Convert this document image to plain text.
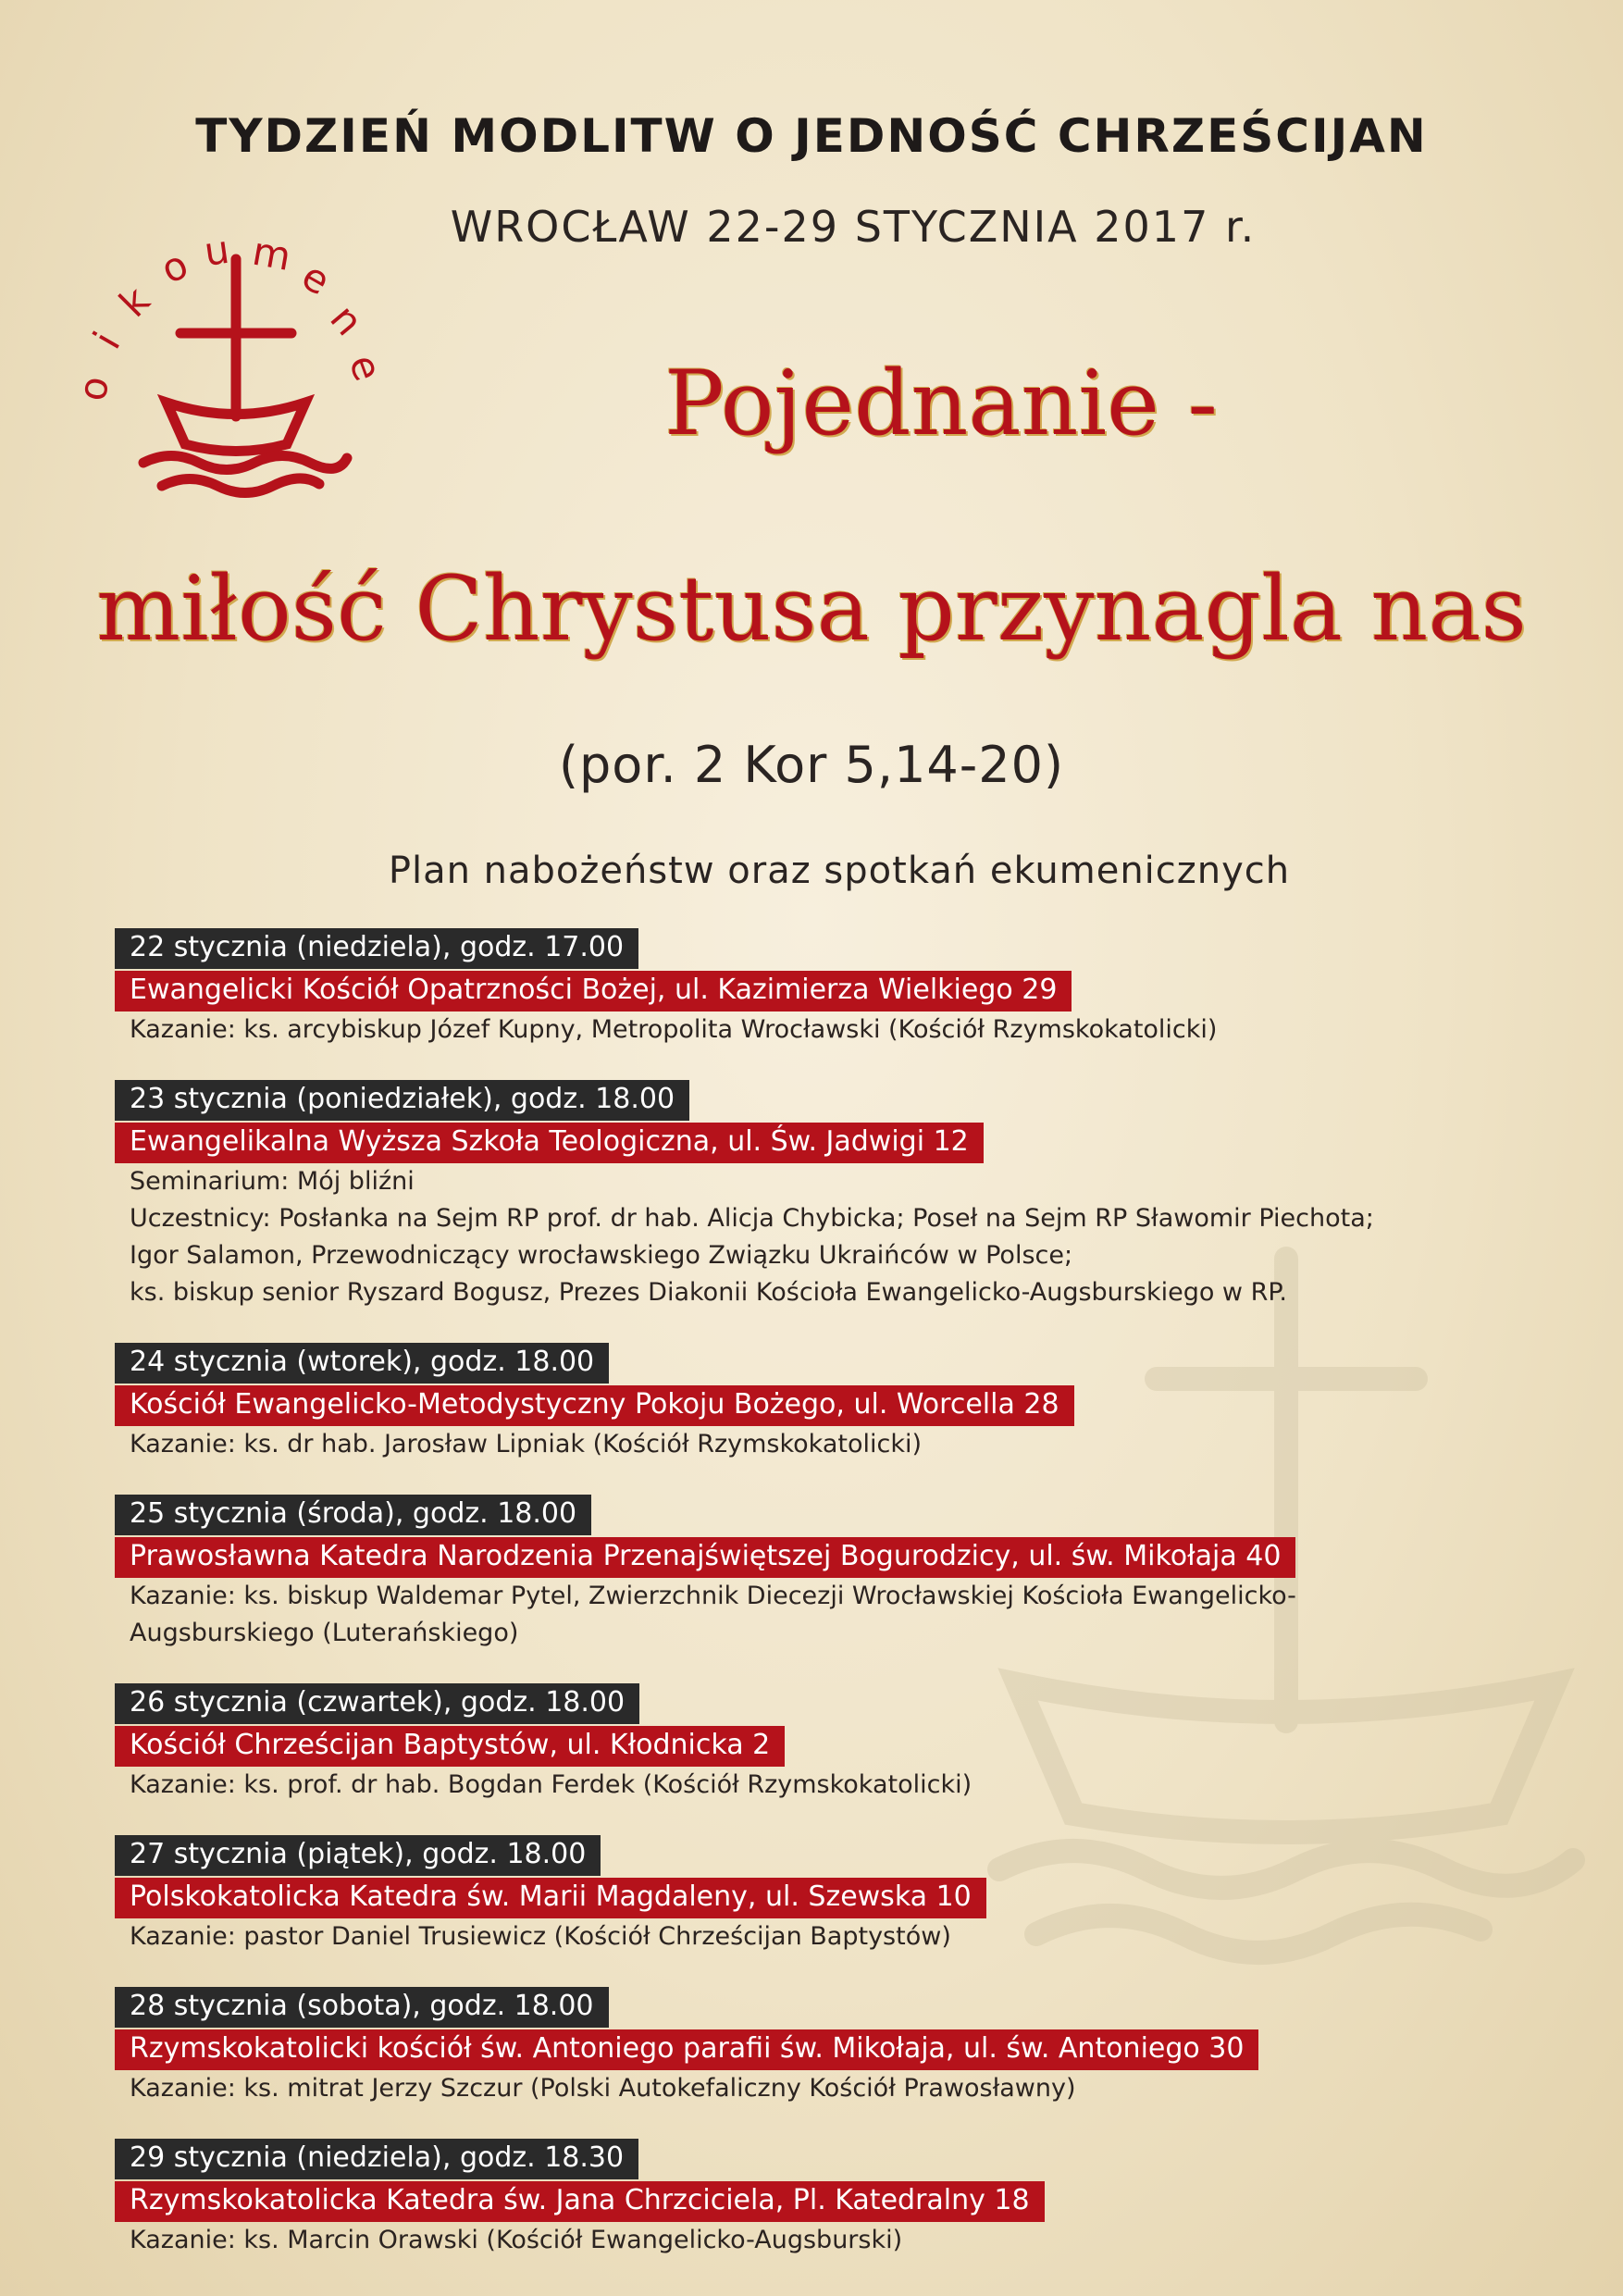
TYDZIEŃ MODLITW O JEDNOŚĆ CHRZEŚCIJAN
WROCŁAW 22-29 STYCZNIA 2017 r.
o
i
k
o u m e
n
e	Pojednanie -
miłość Chrystusa przynagla nas
(por. 2 Kor 5,14-20)
Plan nabożeństw oraz spotkań ekumenicznych
22 stycznia (niedziela), godz. 17.00
Ewangelicki Kościół Opatrzności Bożej, ul. Kazimierza Wielkiego 29
Kazanie: ks. arcybiskup Józef Kupny, Metropolita Wrocławski (Kościół Rzymskokatolicki)
23 stycznia (poniedziałek), godz. 18.00
Ewangelikalna Wyższa Szkoła Teologiczna, ul. Św. Jadwigi 12
Seminarium: Mój bliźni
Uczestnicy: Posłanka na Sejm RP prof. dr hab. Alicja Chybicka; Poseł na Sejm RP Sławomir Piechota;
Igor Salamon, Przewodniczący wrocławskiego Związku Ukraińców w Polsce;
ks. biskup senior Ryszard Bogusz, Prezes Diakonii Kościoła Ewangelicko-Augsburskiego w RP.
24 stycznia (wtorek), godz. 18.00
Kościół Ewangelicko-Metodystyczny Pokoju Bożego, ul. Worcella 28
Kazanie: ks. dr hab. Jarosław Lipniak (Kościół Rzymskokatolicki)
25 stycznia (środa), godz. 18.00
Prawosławna Katedra Narodzenia Przenajświętszej Bogurodzicy, ul. św. Mikołaja 40
Kazanie: ks. biskup Waldemar Pytel, Zwierzchnik Diecezji Wrocławskiej Kościoła Ewangelicko-
Augsburskiego (Luterańskiego)
26 stycznia (czwartek), godz. 18.00
Kościół Chrześcijan Baptystów, ul. Kłodnicka 2
Kazanie: ks. prof. dr hab. Bogdan Ferdek (Kościół Rzymskokatolicki)
27 stycznia (piątek), godz. 18.00
Polskokatolicka Katedra św. Marii Magdaleny, ul. Szewska 10
Kazanie: pastor Daniel Trusiewicz (Kościół Chrześcijan Baptystów)
28 stycznia (sobota), godz. 18.00
Rzymskokatolicki kościół św. Antoniego parafii św. Mikołaja, ul. św. Antoniego 30
Kazanie: ks. mitrat Jerzy Szczur (Polski Autokefaliczny Kościół Prawosławny)
29 stycznia (niedziela), godz. 18.30
Rzymskokatolicka Katedra św. Jana Chrzciciela, Pl. Katedralny 18
Kazanie: ks. Marcin Orawski (Kościół Ewangelicko-Augsburski)
